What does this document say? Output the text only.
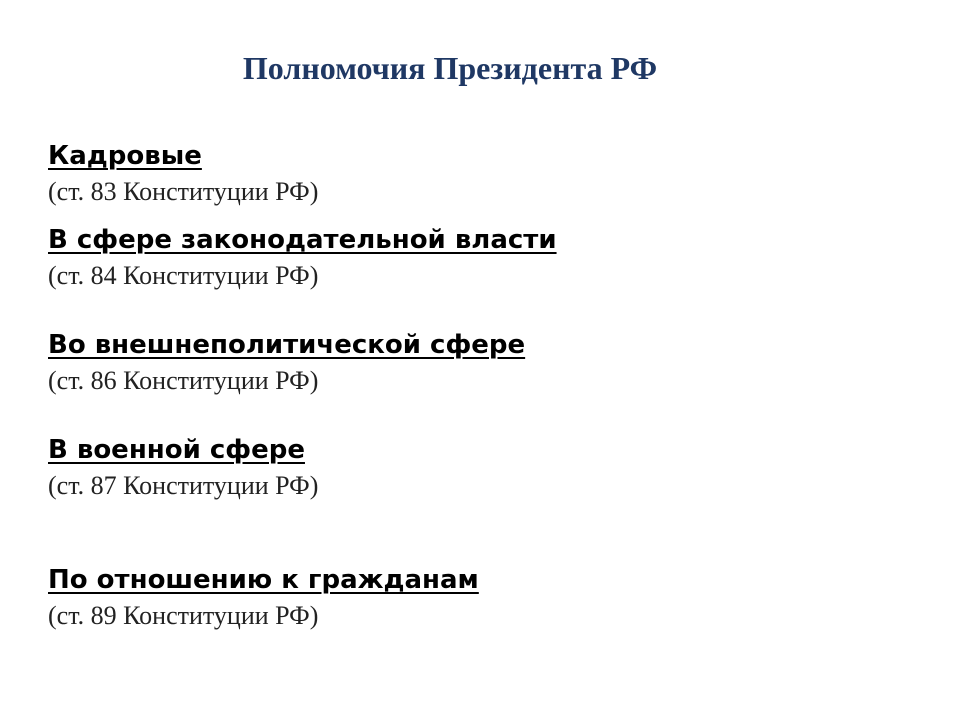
Полномочия Президента РФ
Кадровые
(ст. 83 Конституции РФ)
В сфере законодательной власти
(ст. 84 Конституции РФ)
Во внешнеполитической сфере
(ст. 86 Конституции РФ)
В военной сфере
(ст. 87 Конституции РФ)
По отношению к гражданам
(ст. 89 Конституции РФ)
